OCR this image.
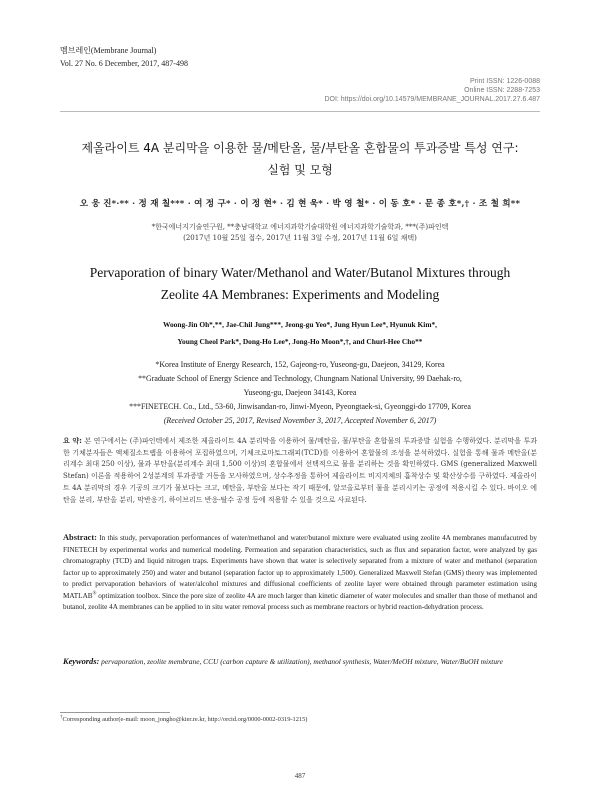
멤브레인(Membrane Journal)
Vol. 27 No. 6 December, 2017, 487-498
Print ISSN: 1226-0088
Online ISSN: 2288-7253
DOI: https://doi.org/10.14579/MEMBRANE_JOURNAL.2017.27.6.487
제올라이트 4A 분리막을 이용한 물/메탄올, 물/부탄올 혼합물의 투과증발 특성 연구:
실험 및 모형
오 웅 진*·** · 정 재 칠*** · 여 정 구* · 이 정 현* · 김 현 욱* · 박 영 철* · 이 동 호* · 문 종 호*,† · 조 철 희**
*한국에너지기술연구원, **충남대학교 에너지과학기술대학원 에너지과학기술학과, ***(주)파인텍
(2017년 10월 25일 접수, 2017년 11월 3일 수정, 2017년 11월 6일 채택)
Pervaporation of binary Water/Methanol and Water/Butanol Mixtures through
Zeolite 4A Membranes: Experiments and Modeling
Woong-Jin Oh*,**, Jae-Chil Jung***, Jeong-gu Yeo*, Jung Hyun Lee*, Hyunuk Kim*,
Young Cheol Park*, Dong-Ho Lee*, Jong-Ho Moon*,†, and Churl-Hee Cho**
*Korea Institute of Energy Research, 152, Gajeong-ro, Yuseong-gu, Daejeon, 34129, Korea
**Graduate School of Energy Science and Technology, Chungnam National University, 99 Daehak-ro,
Yuseong-gu, Daejeon 34143, Korea
***FINETECH. Co., Ltd., 53-60, Jinwisandan-ro, Jinwi-Myeon, Pyeongtaek-si, Gyeonggi-do 17709, Korea
(Received October 25, 2017, Revised November 3, 2017, Accepted November 6, 2017)
요 약: 본 연구에서는 (주)파인텍에서 제조한 제올라이트 4A 분리막을 이용하여 물/메탄올, 물/부탄올 혼합물의 투과증발 실험을 수행하였다. 분리막을 투과한 기체분자들은 액체질소트랩을 이용하여 포집하였으며, 기체크로마토그래피(TCD)를 이용하여 혼합물의 조성을 분석하였다. 실험을 통해 물과 메탄올(분리계수 최대 250 이상), 물과 부탄올(분리계수 최대 1,500 이상)의 혼합물에서 선택적으로 물을 분리하는 것을 확인하였다. GMS (generalized Maxwell Stefan) 이론을 적용하여 2성분계의 투과증발 거동을 모사하였으며, 상수추정을 통하여 제올라이트 비지지체의 흡착상수 및 확산상수를 구하였다. 제올라이트 4A 분리막의 경우 기공의 크기가 물보다는 크고, 메탄올, 부탄올 보다는 작기 때문에, 알코올로부터 물을 분리시키는 공정에 적용시킬 수 있다. 바이오 에탄올 분리, 부탄올 분리, 막반응기, 하이브리드 반응-탈수 공정 등에 적용할 수 있을 것으로 사료된다.
Abstract: In this study, pervaporation performances of water/methanol and water/butanol mixture were evaluated using zeolite 4A membranes manufacutred by FINETECH by experimental works and numerical modeling. Permeation and separation characteristics, such as flux and separation factor, were analyzed by gas chromatography (TCD) and liquid nitrogen traps. Experiments have shown that water is selectively separated from a mixture of water and methanol (separation factor up to approximately 250) and water and butanol (separation factor up to approximately 1,500). Generalized Maxwell Stefan (GMS) theory was implemented to predict pervaporation behaviors of water/alcohol mixtures and diffusional coefficients of zeolite layer were obtained through parameter estimation using MATLAB® optimization toolbox. Since the pore size of zeolite 4A are much larger than kinetic diameter of water molecules and smaller than those of methanol and butanol, zeolite 4A membranes can be applied to in situ water removal process such as membrane reactors or hybrid reaction-dehydration process.
Keywords: pervaporation, zeolite membrane, CCU (carbon capture & utilization), methanol synthesis, Water/MeOH mixture, Water/BuOH mixture
†Corresponding author(e-mail: moon_jongho@kier.re.kr, http://orcid.org/0000-0002-0319-1215)
487
